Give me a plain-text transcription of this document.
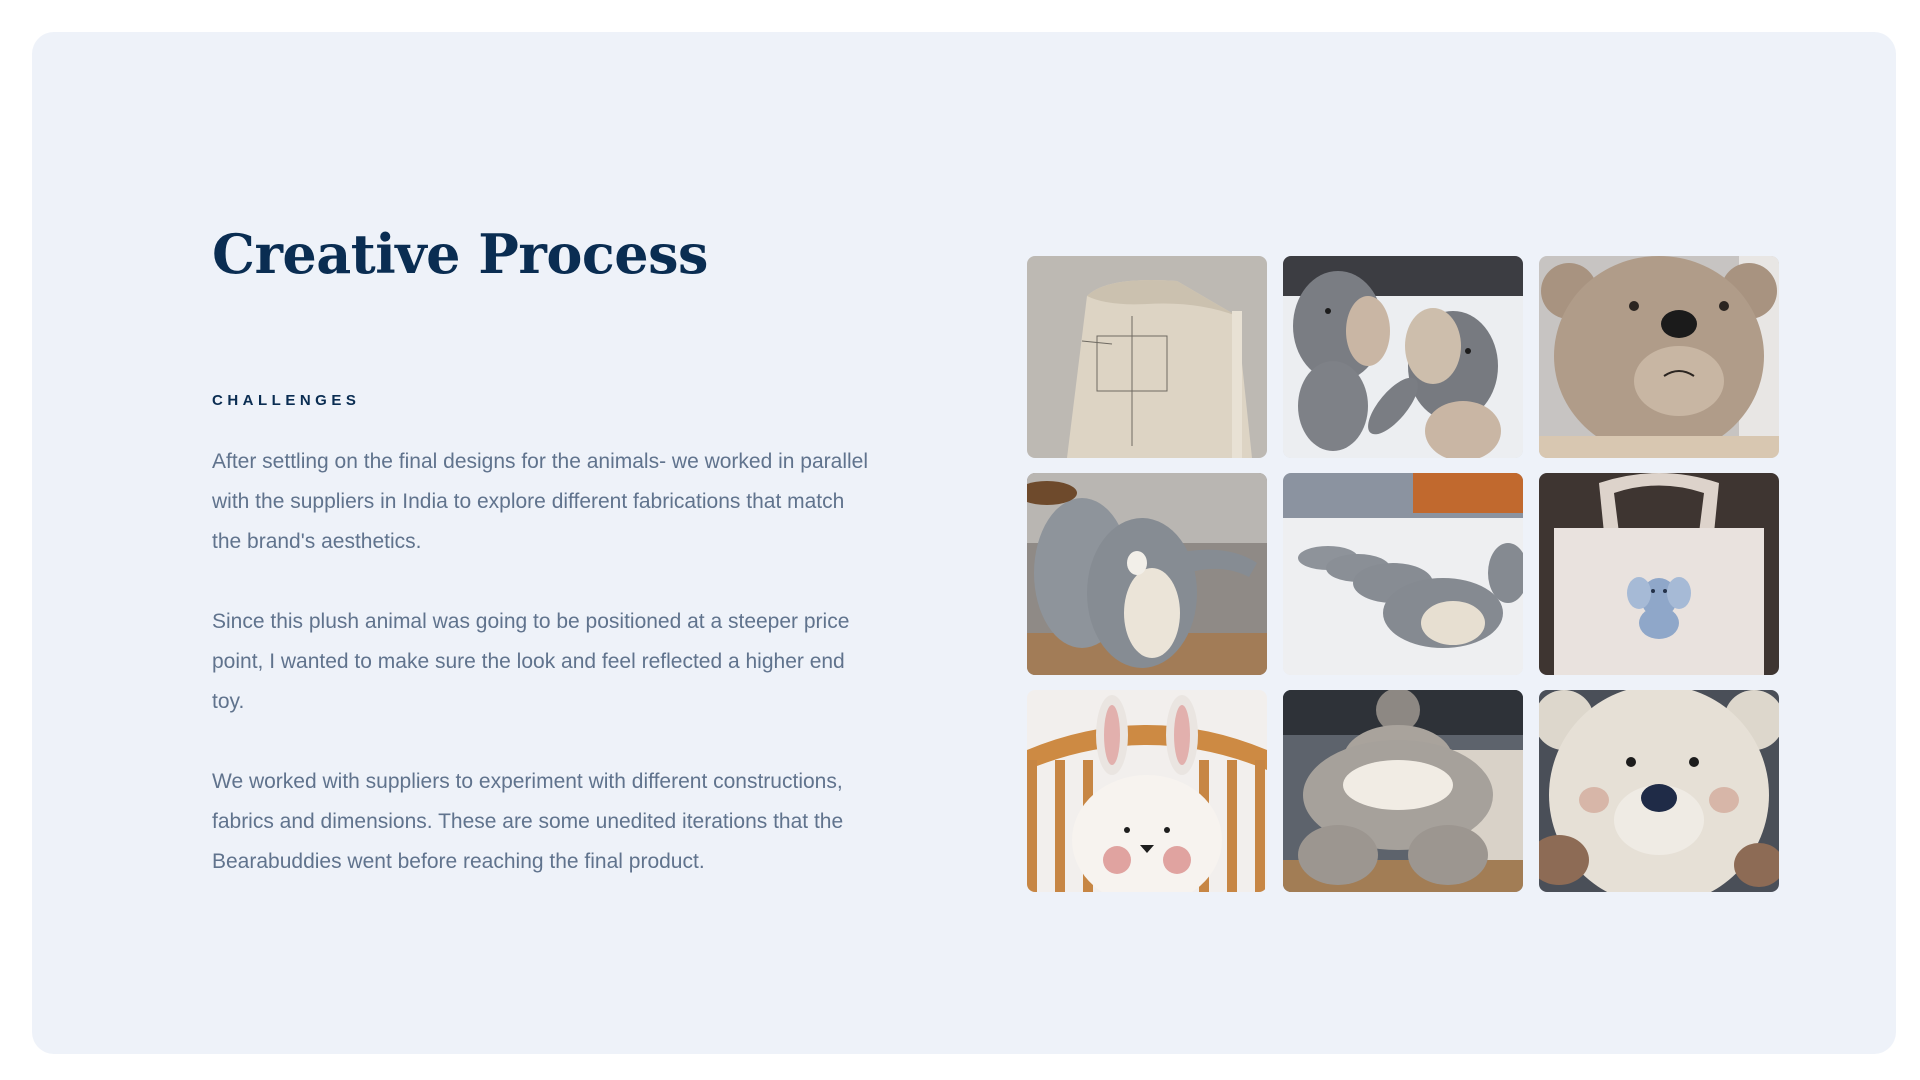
Creative Process
CHALLENGES

After settling on the final designs for the animals- we worked in parallel with the suppliers in India to explore different fabrications that match the brand's aesthetics.

Since this plush animal was going to be positioned at a steeper price point, I wanted to make sure the look and feel reflected a higher end toy.

We worked with suppliers to experiment with different constructions, fabrics and dimensions. These are some unedited iterations that the Bearabuddies went before reaching the final product.
